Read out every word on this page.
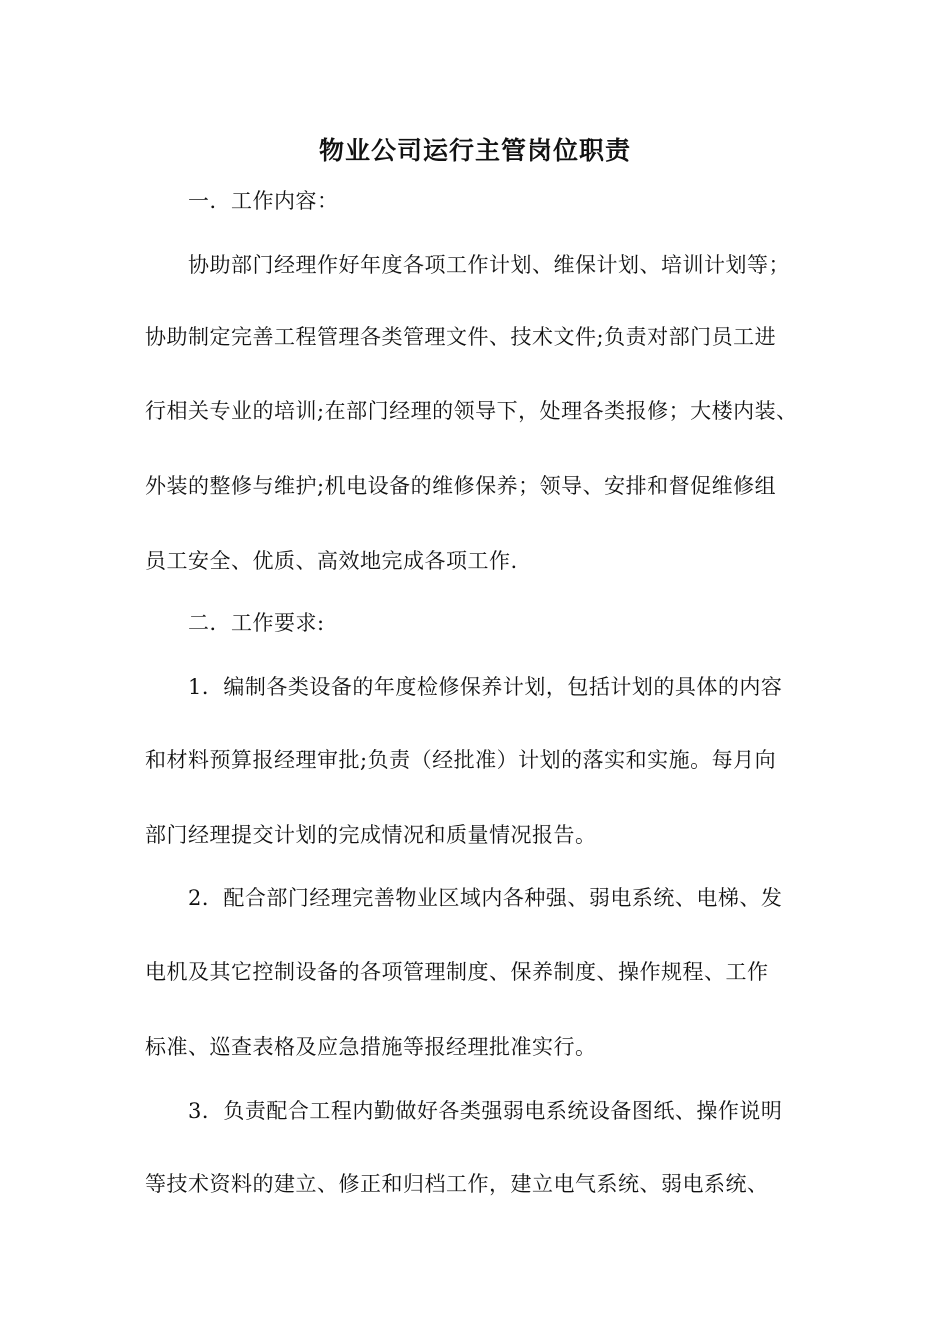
物业公司运行主管岗位职责
一．工作内容：
协助部门经理作好年度各项工作计划、维保计划、培训计划等；
协助制定完善工程管理各类管理文件、技术文件;负责对部门员工进
行相关专业的培训;在部门经理的领导下，处理各类报修；大楼内装、
外装的整修与维护;机电设备的维修保养；领导、安排和督促维修组
员工安全、优质、高效地完成各项工作.
二．工作要求:
1．编制各类设备的年度检修保养计划，包括计划的具体的内容
和材料预算报经理审批;负责（经批准）计划的落实和实施。每月向
部门经理提交计划的完成情况和质量情况报告。
2．配合部门经理完善物业区域内各种强、弱电系统、电梯、发
电机及其它控制设备的各项管理制度、保养制度、操作规程、工作
标准、巡查表格及应急措施等报经理批准实行。
3．负责配合工程内勤做好各类强弱电系统设备图纸、操作说明
等技术资料的建立、修正和归档工作，建立电气系统、弱电系统、
